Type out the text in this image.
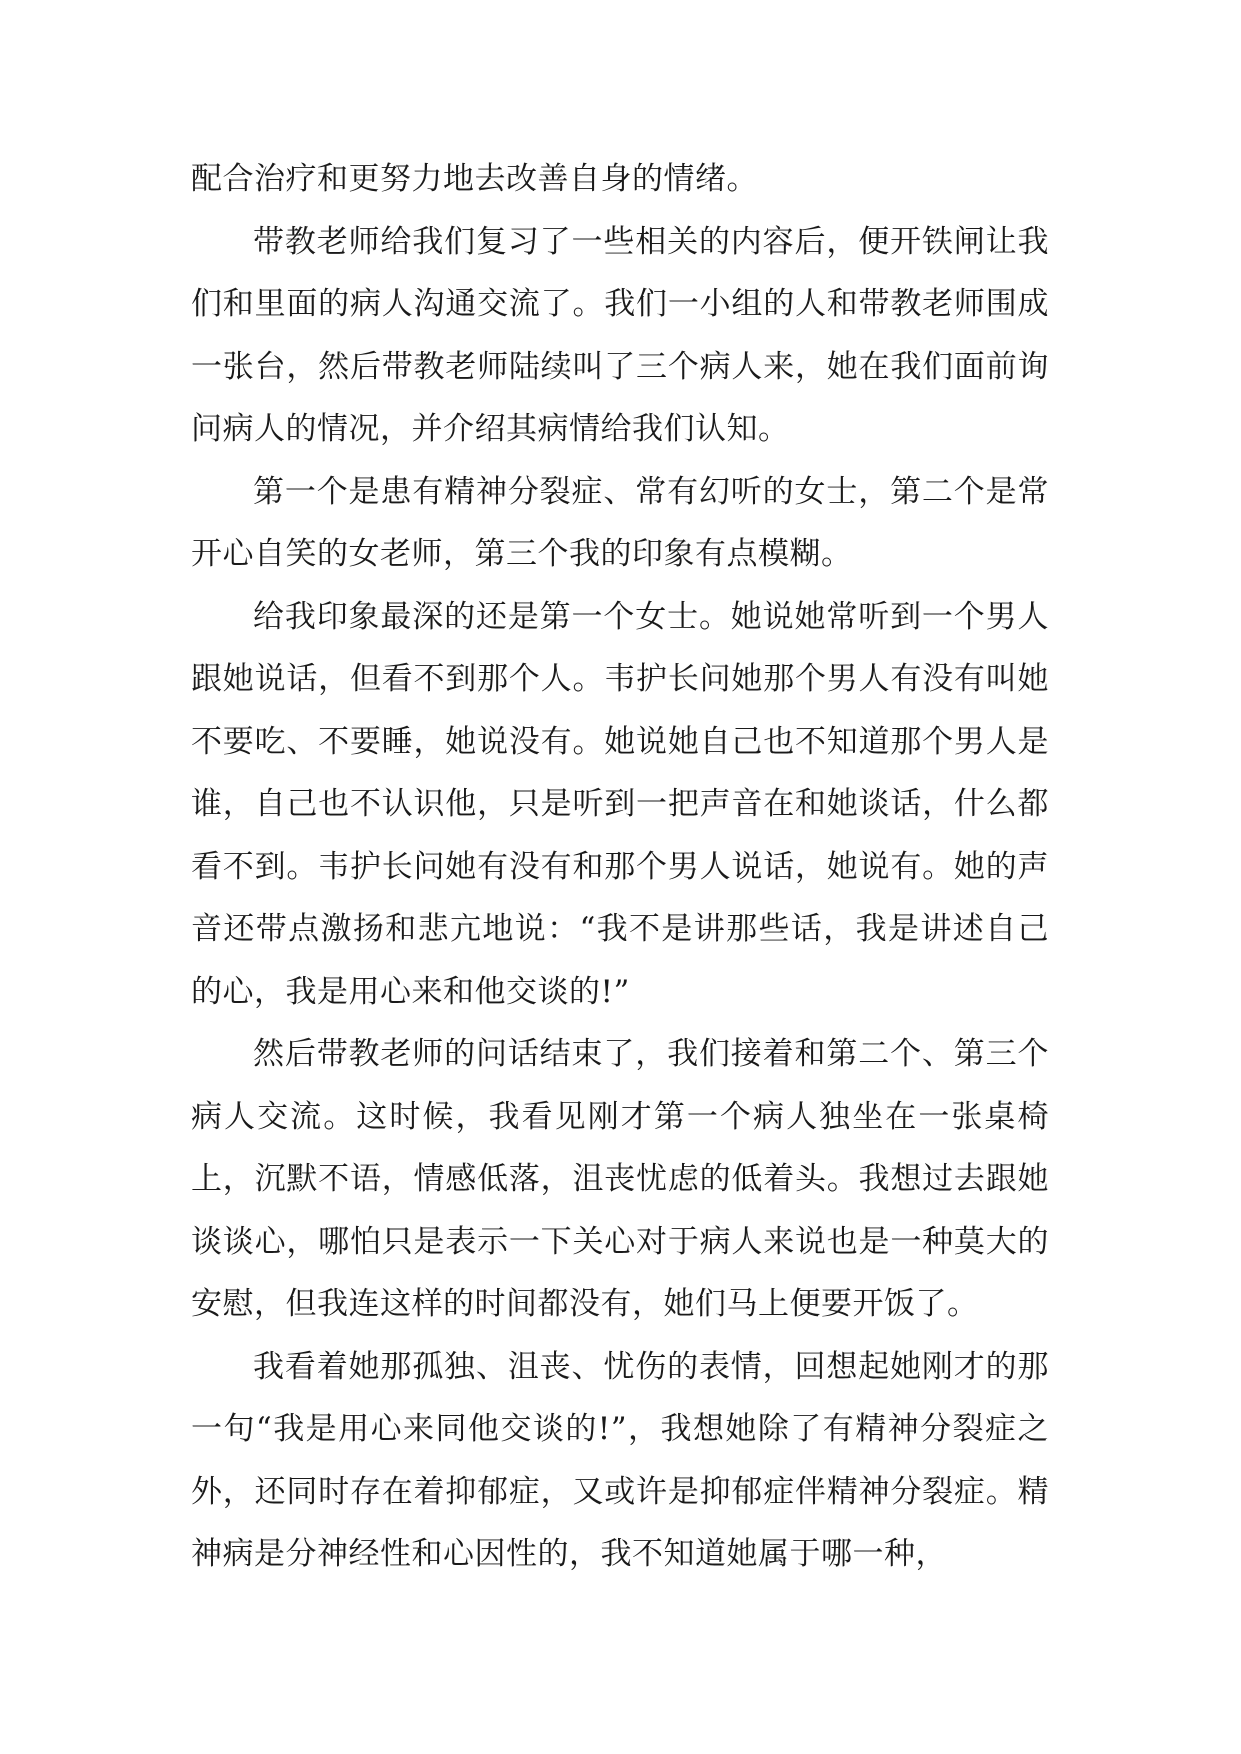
配合治疗和更努力地去改善自身的情绪。

带教老师给我们复习了一些相关的内容后，便开铁闸让我们和里面的病人沟通交流了。我们一小组的人和带教老师围成一张台，然后带教老师陆续叫了三个病人来，她在我们面前询问病人的情况，并介绍其病情给我们认知。

第一个是患有精神分裂症、常有幻听的女士，第二个是常开心自笑的女老师，第三个我的印象有点模糊。

给我印象最深的还是第一个女士。她说她常听到一个男人跟她说话，但看不到那个人。韦护长问她那个男人有没有叫她不要吃、不要睡，她说没有。她说她自己也不知道那个男人是谁，自己也不认识他，只是听到一把声音在和她谈话，什么都看不到。韦护长问她有没有和那个男人说话，她说有。她的声音还带点激扬和悲亢地说：“我不是讲那些话，我是讲述自己的心，我是用心来和他交谈的!”

然后带教老师的问话结束了，我们接着和第二个、第三个病人交流。这时候，我看见刚才第一个病人独坐在一张桌椅上，沉默不语，情感低落，沮丧忧虑的低着头。我想过去跟她谈谈心，哪怕只是表示一下关心对于病人来说也是一种莫大的安慰，但我连这样的时间都没有，她们马上便要开饭了。

我看着她那孤独、沮丧、忧伤的表情，回想起她刚才的那一句“我是用心来同他交谈的!”，我想她除了有精神分裂症之外，还同时存在着抑郁症，又或许是抑郁症伴精神分裂症。精神病是分神经性和心因性的，我不知道她属于哪一种，
